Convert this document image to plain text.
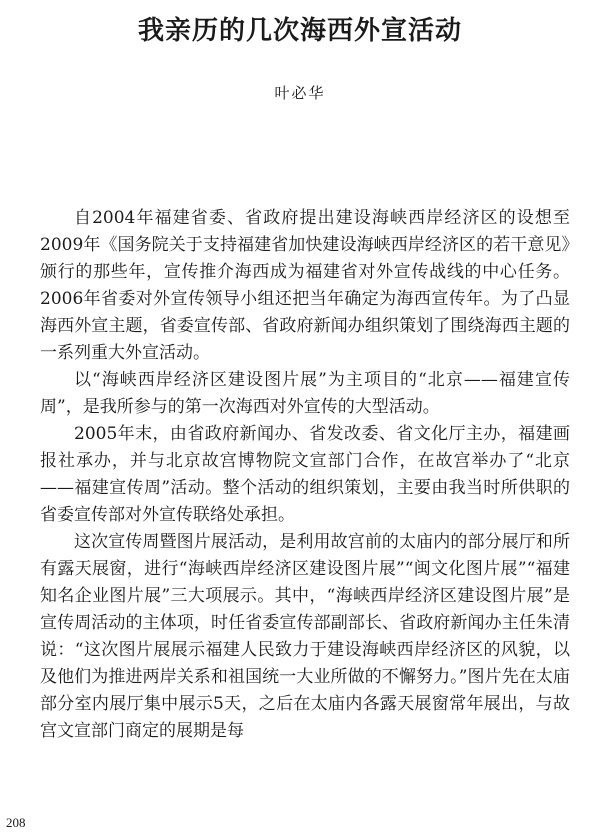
我亲历的几次海西外宣活动
叶必华

自2004年福建省委、省政府提出建设海峡西岸经济区的设想至2009年《国务院关于支持福建省加快建设海峡西岸经济区的若干意见》颁行的那些年，宣传推介海西成为福建省对外宣传战线的中心任务。2006年省委对外宣传领导小组还把当年确定为海西宣传年。为了凸显海西外宣主题，省委宣传部、省政府新闻办组织策划了围绕海西主题的一系列重大外宣活动。

以“海峡西岸经济区建设图片展”为主项目的“北京——福建宣传周”，是我所参与的第一次海西对外宣传的大型活动。

2005年末，由省政府新闻办、省发改委、省文化厅主办，福建画报社承办，并与北京故宫博物院文宣部门合作，在故宫举办了“北京——福建宣传周”活动。整个活动的组织策划，主要由我当时所供职的省委宣传部对外宣传联络处承担。

这次宣传周暨图片展活动，是利用故宫前的太庙内的部分展厅和所有露天展窗，进行“海峡西岸经济区建设图片展”“闽文化图片展”“福建知名企业图片展”三大项展示。其中，“海峡西岸经济区建设图片展”是宣传周活动的主体项，时任省委宣传部副部长、省政府新闻办主任朱清说：“这次图片展展示福建人民致力于建设海峡西岸经济区的风貌，以及他们为推进两岸关系和祖国统一大业所做的不懈努力。”图片先在太庙部分室内展厅集中展示5天，之后在太庙内各露天展窗常年展出，与故宫文宣部门商定的展期是每

208
